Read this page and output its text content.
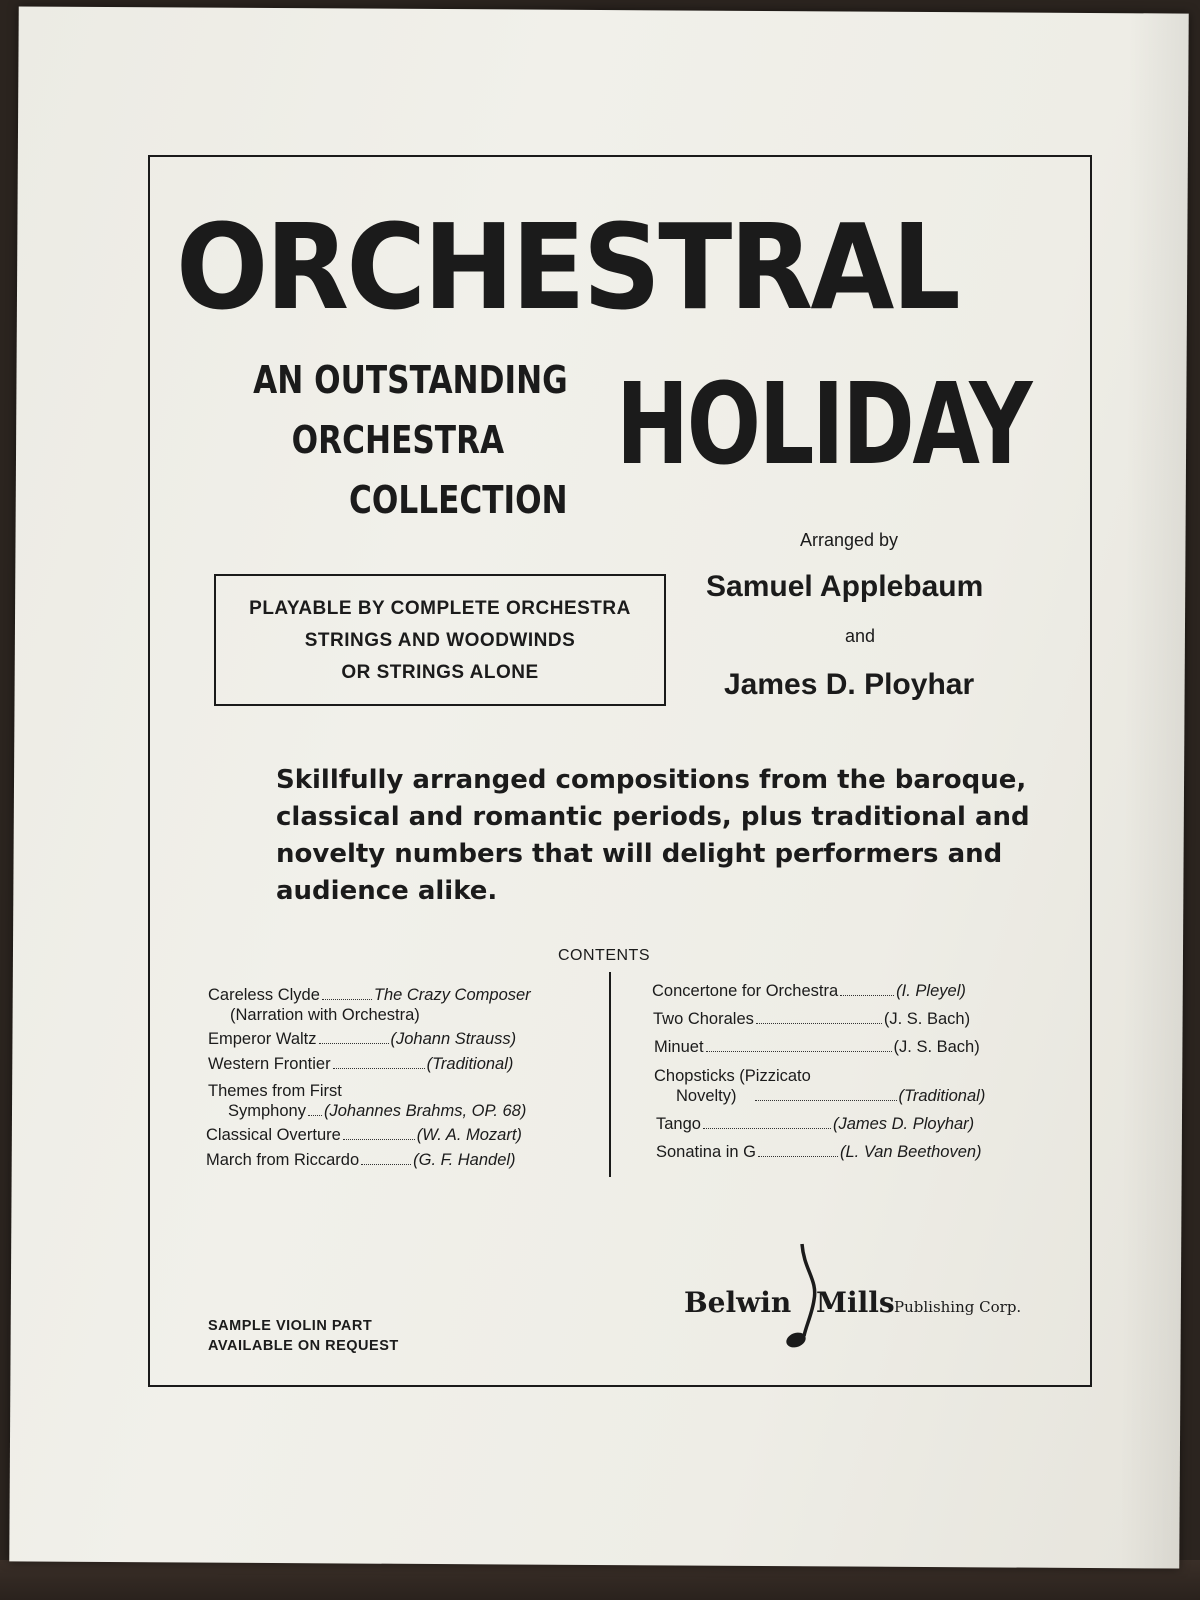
ORCHESTRAL
HOLIDAY
AN OUTSTANDING
ORCHESTRA
COLLECTION
PLAYABLE BY COMPLETE ORCHESTRA
STRINGS AND WOODWINDS
OR STRINGS ALONE
Arranged by
Samuel Applebaum
and
James D. Ployhar
Skillfully arranged compositions from the baroque,
classical and romantic periods, plus traditional and
novelty numbers that will delight performers and
audience alike.
CONTENTS
Careless Clyde	The Crazy Composer
(Narration with Orchestra)
Emperor Waltz	(Johann Strauss)
Western Frontier	(Traditional)
Themes from First
Symphony (Johannes Brahms, OP. 68)
Classical Overture	(W. A. Mozart)
March from Riccardo	(G. F. Handel)
Concertone for Orchestra	(I. Pleyel)
Two Chorales	(J. S. Bach)
Minuet	(J. S. Bach)
Chopsticks (Pizzicato
Novelty)	(Traditional)
Tango	(James D. Ployhar)
Sonatina in G	(L. Van Beethoven)
SAMPLE VIOLIN PART
AVAILABLE ON REQUEST
Belwin Mills Publishing Corp.
